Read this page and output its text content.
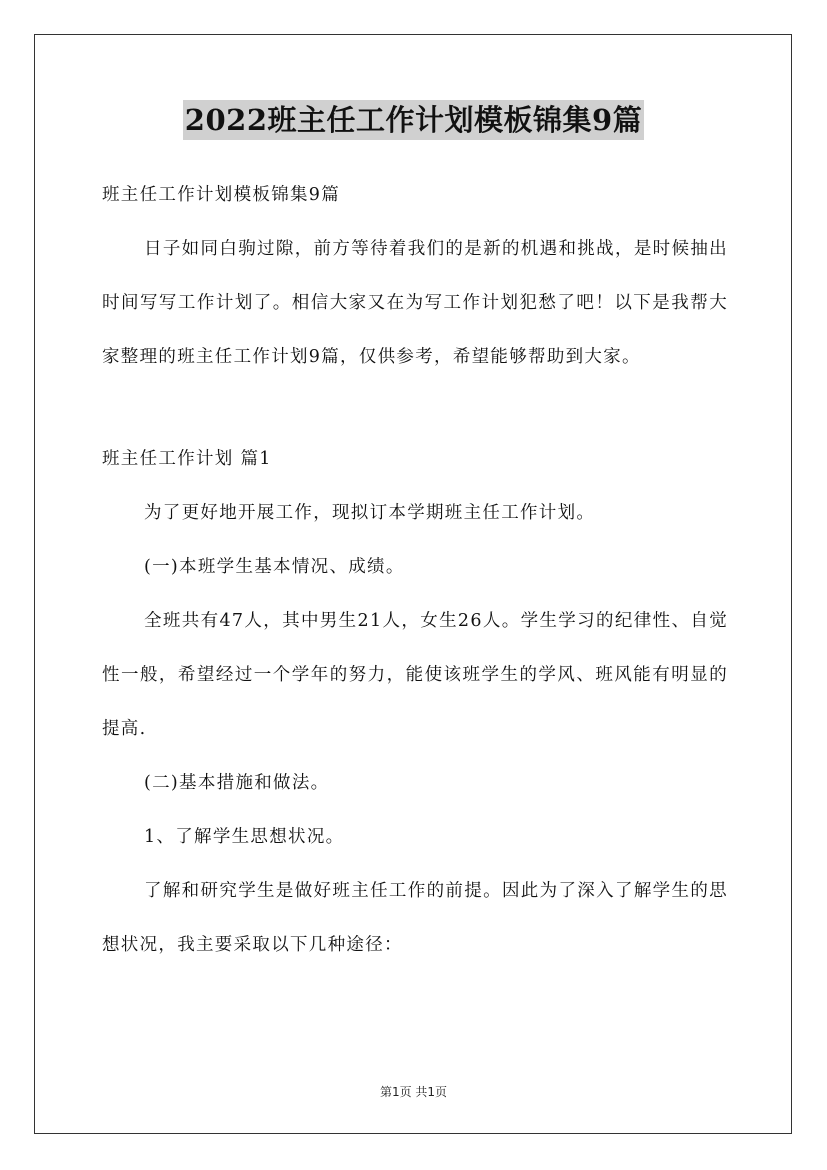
2022班主任工作计划模板锦集9篇

班主任工作计划模板锦集9篇

日子如同白驹过隙，前方等待着我们的是新的机遇和挑战，是时候抽出时间写写工作计划了。相信大家又在为写工作计划犯愁了吧！以下是我帮大家整理的班主任工作计划9篇，仅供参考，希望能够帮助到大家。

班主任工作计划 篇1

为了更好地开展工作，现拟订本学期班主任工作计划。

(一)本班学生基本情况、成绩。

全班共有47人，其中男生21人，女生26人。学生学习的纪律性、自觉性一般，希望经过一个学年的努力，能使该班学生的学风、班风能有明显的提高.

(二)基本措施和做法。

1、了解学生思想状况。

了解和研究学生是做好班主任工作的前提。因此为了深入了解学生的思想状况，我主要采取以下几种途径：

第1页 共1页
